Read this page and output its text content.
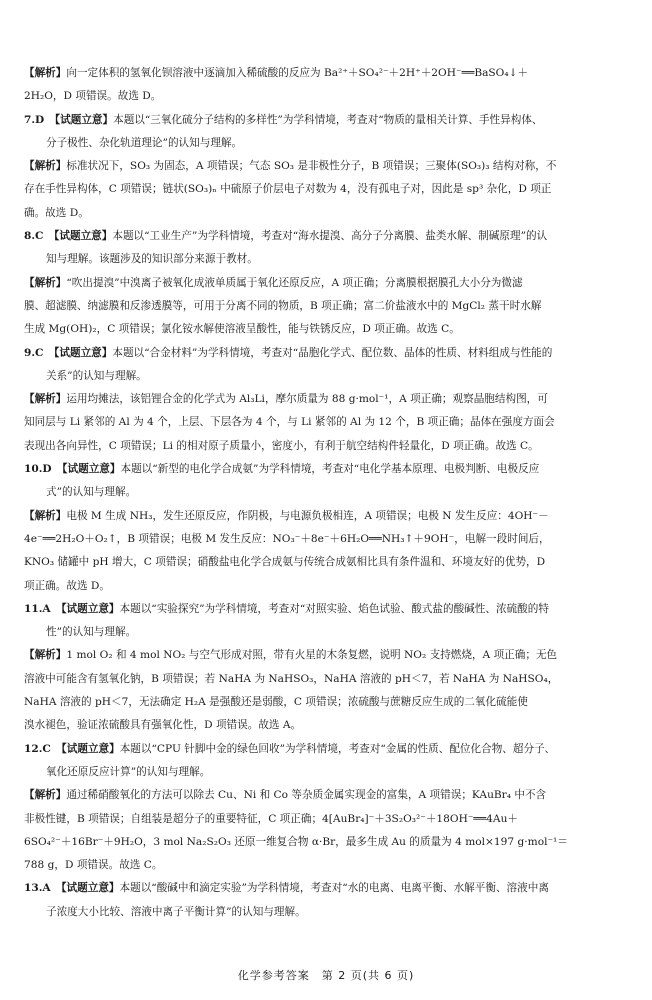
【解析】向一定体积的氢氧化钡溶液中逐滴加入稀硫酸的反应为 Ba²⁺＋SO₄²⁻＋2H⁺＋2OH⁻══BaSO₄↓＋
2H₂O，D 项错误。故选 D。
7.D　【试题立意】本题以“三氧化硫分子结构的多样性”为学科情境，考查对“物质的量相关计算、手性异构体、
分子极性、杂化轨道理论”的认知与理解。
【解析】标准状况下，SO₃ 为固态，A 项错误；气态 SO₃ 是非极性分子，B 项错误；三聚体(SO₃)₃ 结构对称，不
存在手性异构体，C 项错误；链状(SO₃)ₙ 中硫原子价层电子对数为 4，没有孤电子对，因此是 sp³ 杂化，D 项正
确。故选 D。
8.C　【试题立意】本题以“工业生产”为学科情境，考查对“海水提溴、高分子分离膜、盐类水解、制碱原理”的认
知与理解。该题涉及的知识部分来源于教材。
【解析】“吹出提溴”中溴离子被氧化成液单质属于氧化还原反应，A 项正确；分离膜根据膜孔大小分为微滤
膜、超滤膜、纳滤膜和反渗透膜等，可用于分离不同的物质，B 项正确；富二价盐液水中的 MgCl₂ 蒸干时水解
生成 Mg(OH)₂，C 项错误；氯化铵水解使溶液呈酸性，能与铁锈反应，D 项正确。故选 C。
9.C　【试题立意】本题以“合金材料”为学科情境，考查对“晶胞化学式、配位数、晶体的性质、材料组成与性能的
关系”的认知与理解。
【解析】运用均摊法，该铝锂合金的化学式为 Al₃Li，摩尔质量为 88 g·mol⁻¹，A 项正确；观察晶胞结构图，可
知同层与 Li 紧邻的 Al 为 4 个，上层、下层各为 4 个，与 Li 紧邻的 Al 为 12 个，B 项正确；晶体在强度方面会
表现出各向异性，C 项错误；Li 的相对原子质量小，密度小，有利于航空结构件轻量化，D 项正确。故选 C。
10.D　【试题立意】本题以“新型的电化学合成氨”为学科情境，考查对“电化学基本原理、电极判断、电极反应
式”的认知与理解。
【解析】电极 M 生成 NH₃，发生还原反应，作阴极，与电源负极相连，A 项错误；电极 N 发生反应：4OH⁻－
4e⁻══2H₂O＋O₂↑，B 项错误；电极 M 发生反应：NO₃⁻＋8e⁻＋6H₂O══NH₃↑＋9OH⁻，电解一段时间后，
KNO₃ 储罐中 pH 增大，C 项错误；硝酸盐电化学合成氨与传统合成氨相比具有条件温和、环境友好的优势，D
项正确。故选 D。
11.A　【试题立意】本题以“实验探究”为学科情境，考查对“对照实验、焰色试验、酸式盐的酸碱性、浓硫酸的特
性”的认知与理解。
【解析】1 mol O₂ 和 4 mol NO₂ 与空气形成对照，带有火星的木条复燃，说明 NO₂ 支持燃烧，A 项正确；无色
溶液中可能含有氢氧化钠，B 项错误；若 NaHA 为 NaHSO₃，NaHA 溶液的 pH＜7，若 NaHA 为 NaHSO₄，
NaHA 溶液的 pH＜7，无法确定 H₂A 是强酸还是弱酸，C 项错误；浓硫酸与蔗糖反应生成的二氧化硫能使
溴水褪色，验证浓硫酸具有强氧化性，D 项错误。故选 A。
12.C　【试题立意】本题以“CPU 针脚中金的绿色回收”为学科情境，考查对“金属的性质、配位化合物、超分子、
氧化还原反应计算”的认知与理解。
【解析】通过稀硝酸氧化的方法可以除去 Cu、Ni 和 Co 等杂质金属实现金的富集，A 项错误；KAuBr₄ 中不含
非极性键，B 项错误；自组装是超分子的重要特征，C 项正确；4[AuBr₄]⁻＋3S₂O₃²⁻＋18OH⁻══4Au＋
6SO₄²⁻＋16Br⁻＋9H₂O，3 mol Na₂S₂O₃ 还原一维复合物 α·Br，最多生成 Au 的质量为 4 mol×197 g·mol⁻¹＝
788 g，D 项错误。故选 C。
13.A　【试题立意】本题以“酸碱中和滴定实验”为学科情境，考查对“水的电离、电离平衡、水解平衡、溶液中离
子浓度大小比较、溶液中离子平衡计算”的认知与理解。
化学参考答案　第 2 页(共 6 页)
